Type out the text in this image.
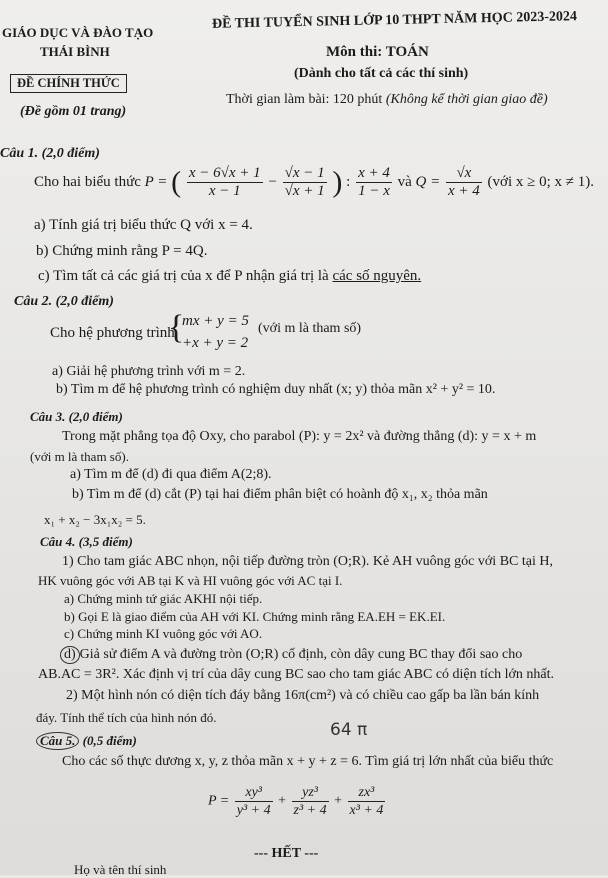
GIÁO DỤC VÀ ĐÀO TẠO
THÁI BÌNH
ĐỀ CHÍNH THỨC
(Đề gồm 01 trang)
ĐỀ THI TUYỂN SINH LỚP 10 THPT NĂM HỌC 2023-2024
Môn thi: TOÁN
(Dành cho tất cả các thí sinh)
Thời gian làm bài: 120 phút (Không kể thời gian giao đề)
Câu 1. (2,0 điểm)
Cho hai biểu thức P = ( $\frac{x - 6√x + 1}{x - 1} - \frac{√x - 1}{√x + 1}$ ) : $\frac{x + 4}{1 - x}$ và $Q = \frac{√x}{x + 4}$ (với x ≥ 0; x ≠ 1).
a) Tính giá trị biểu thức Q với x = 4.
b) Chứng minh rằng P = 4Q.
c) Tìm tất cả các giá trị của x để P nhận giá trị là các số nguyên.
Câu 2. (2,0 điểm)
Cho hệ phương trình
{
mx + y = 5
+x + y = 2
(với m là tham số)
a) Giải hệ phương trình với m = 2.
b) Tìm m để hệ phương trình có nghiệm duy nhất (x; y) thỏa mãn x² + y² = 10.
Câu 3. (2,0 điểm)
Trong mặt phẳng tọa độ Oxy, cho parabol (P): y = 2x² và đường thẳng (d): y = x + m
(với m là tham số).
a) Tìm m để (d) đi qua điểm A(2;8).
b) Tìm m để (d) cắt (P) tại hai điểm phân biệt có hoành độ x₁, x₂ thỏa mãn
x₁ + x₂ − 3x₁x₂ = 5.
Câu 4. (3,5 điểm)
1) Cho tam giác ABC nhọn, nội tiếp đường tròn (O;R). Kẻ AH vuông góc với BC tại H,
HK vuông góc với AB tại K và HI vuông góc với AC tại I.
a) Chứng minh tứ giác AKHI nội tiếp.
b) Gọi E là giao điểm của AH với KI. Chứng minh rằng EA.EH = EK.EI.
c) Chứng minh KI vuông góc với AO.
d) Giả sử điểm A và đường tròn (O;R) cố định, còn dây cung BC thay đổi sao cho
AB.AC = 3R². Xác định vị trí của dây cung BC sao cho tam giác ABC có diện tích lớn nhất.
2) Một hình nón có diện tích đáy bằng 16π(cm²) và có chiều cao gấp ba lần bán kính
đáy. Tính thể tích của hình nón đó.
64 π
Câu 5. (0,5 điểm)
Cho các số thực dương x, y, z thỏa mãn x + y + z = 6. Tìm giá trị lớn nhất của biểu thức
$P = \frac{\text{xy³}}{\text{y³ + 4}} + \frac{\text{yz³}}{\text{z³ + 4}} + \frac{\text{zx³}}{\text{x³ + 4}}$
--- HẾT ---
Họ và tên thí sinh
